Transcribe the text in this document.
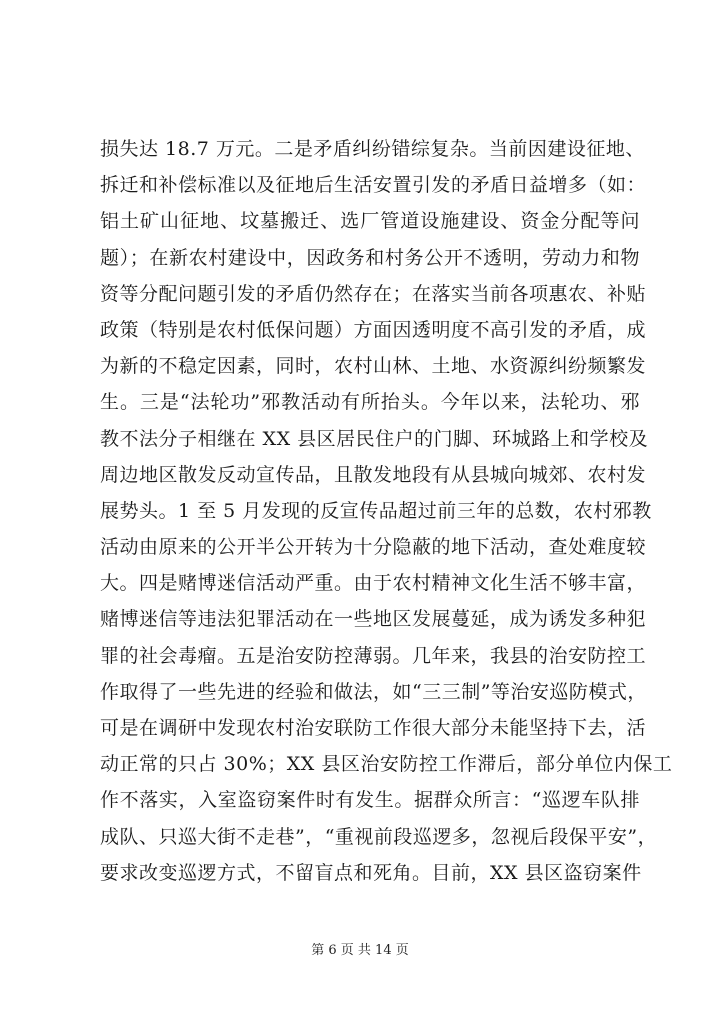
损失达 18.7 万元。二是矛盾纠纷错综复杂。当前因建设征地、
拆迁和补偿标准以及征地后生活安置引发的矛盾日益增多（如：
铝土矿山征地、坟墓搬迁、选厂管道设施建设、资金分配等问
题）；在新农村建设中，因政务和村务公开不透明，劳动力和物
资等分配问题引发的矛盾仍然存在；在落实当前各项惠农、补贴
政策（特别是农村低保问题）方面因透明度不高引发的矛盾，成
为新的不稳定因素，同时，农村山林、土地、水资源纠纷频繁发
生。三是“法轮功”邪教活动有所抬头。今年以来，法轮功、邪
教不法分子相继在 XX 县区居民住户的门脚、环城路上和学校及
周边地区散发反动宣传品，且散发地段有从县城向城郊、农村发
展势头。1 至 5 月发现的反宣传品超过前三年的总数，农村邪教
活动由原来的公开半公开转为十分隐蔽的地下活动，查处难度较
大。四是赌博迷信活动严重。由于农村精神文化生活不够丰富，
赌博迷信等违法犯罪活动在一些地区发展蔓延，成为诱发多种犯
罪的社会毒瘤。五是治安防控薄弱。几年来，我县的治安防控工
作取得了一些先进的经验和做法，如“三三制”等治安巡防模式，
可是在调研中发现农村治安联防工作很大部分未能坚持下去，活
动正常的只占 30%；XX 县区治安防控工作滞后，部分单位内保工
作不落实，入室盗窃案件时有发生。据群众所言：“巡逻车队排
成队、只巡大街不走巷”，“重视前段巡逻多，忽视后段保平安”，
要求改变巡逻方式，不留盲点和死角。目前，XX 县区盗窃案件
第 6 页 共 14 页
